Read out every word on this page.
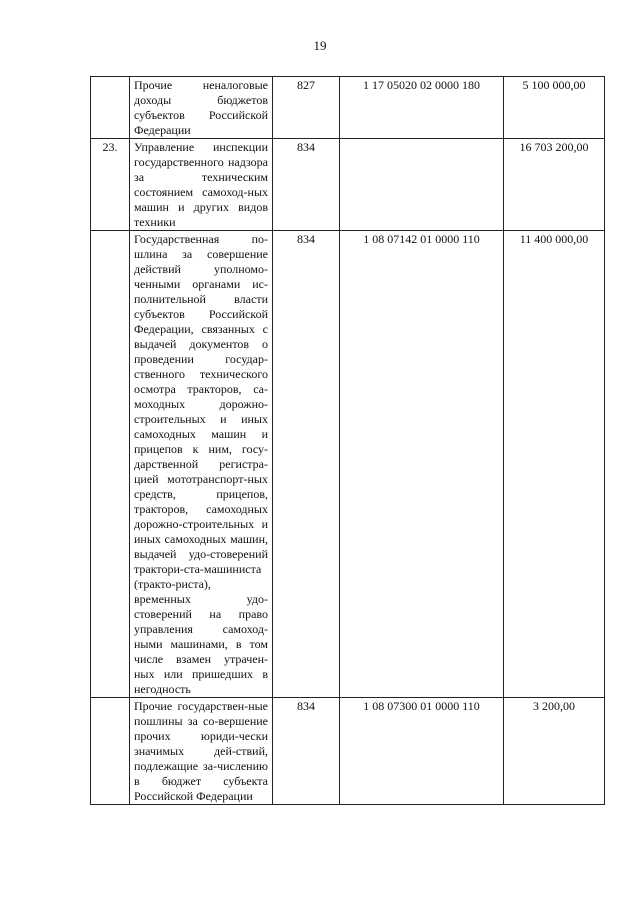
19
	Прочие неналоговые доходы бюджетов субъектов Российской Федерации	827	1 17 05020 02 0000 180	5 100 000,00
23.	Управление инспекции государственного надзора за техническим состоянием самоход-ных машин и других видов техники	834		16 703 200,00
	Государственная по-шлина за совершение действий уполномо-ченными органами ис-полнительной власти субъектов Российской Федерации, связанных с выдачей документов о проведении государ-ственного технического осмотра тракторов, са-моходных дорожно-строительных и иных самоходных машин и прицепов к ним, госу-дарственной регистра-цией мототранспорт-ных средств, прицепов, тракторов, самоходных дорожно-строительных и иных самоходных машин, выдачей удо-стоверений трактори-ста-машиниста (тракто-риста), временных удо-стоверений на право управления самоход-ными машинами, в том числе взамен утрачен-ных или пришедших в негодность	834	1 08 07142 01 0000 110	11 400 000,00
	Прочие государствен-ные пошлины за со-вершение прочих юриди-чески значимых дей-ствий, подлежащие за-числению в бюджет субъекта Российской Федерации	834	1 08 07300 01 0000 110	3 200,00
